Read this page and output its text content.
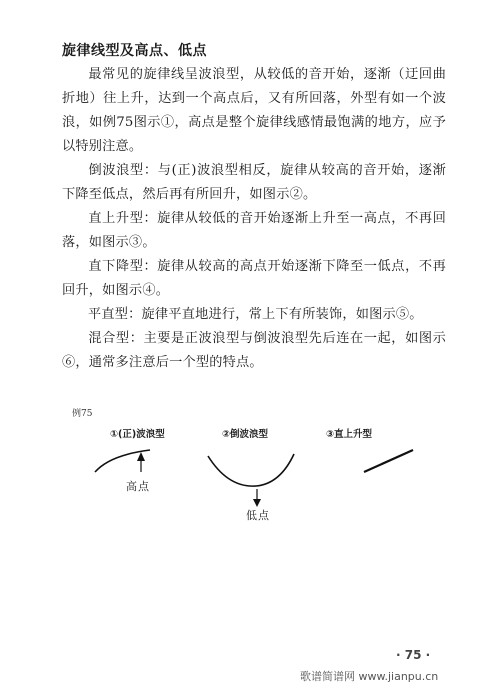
旋律线型及高点、低点
最常见的旋律线呈波浪型，从较低的音开始，逐渐（迂回曲折地）往上升，达到一个高点后，又有所回落，外型有如一个波浪，如例75图示①，高点是整个旋律线感情最饱满的地方，应予以特别注意。
倒波浪型：与(正)波浪型相反，旋律从较高的音开始，逐渐下降至低点，然后再有所回升，如图示②。
直上升型：旋律从较低的音开始逐渐上升至一高点，不再回落，如图示③。
直下降型：旋律从较高的高点开始逐渐下降至一低点，不再回升，如图示④。
平直型：旋律平直地进行，常上下有所装饰，如图示⑤。
混合型：主要是正波浪型与倒波浪型先后连在一起，如图示⑥，通常多注意后一个型的特点。
例75
①(正)波浪型	②倒波浪型	③直上升型
高点
低点
· 75 ·
歌谱简谱网 www.jianpu.cn
